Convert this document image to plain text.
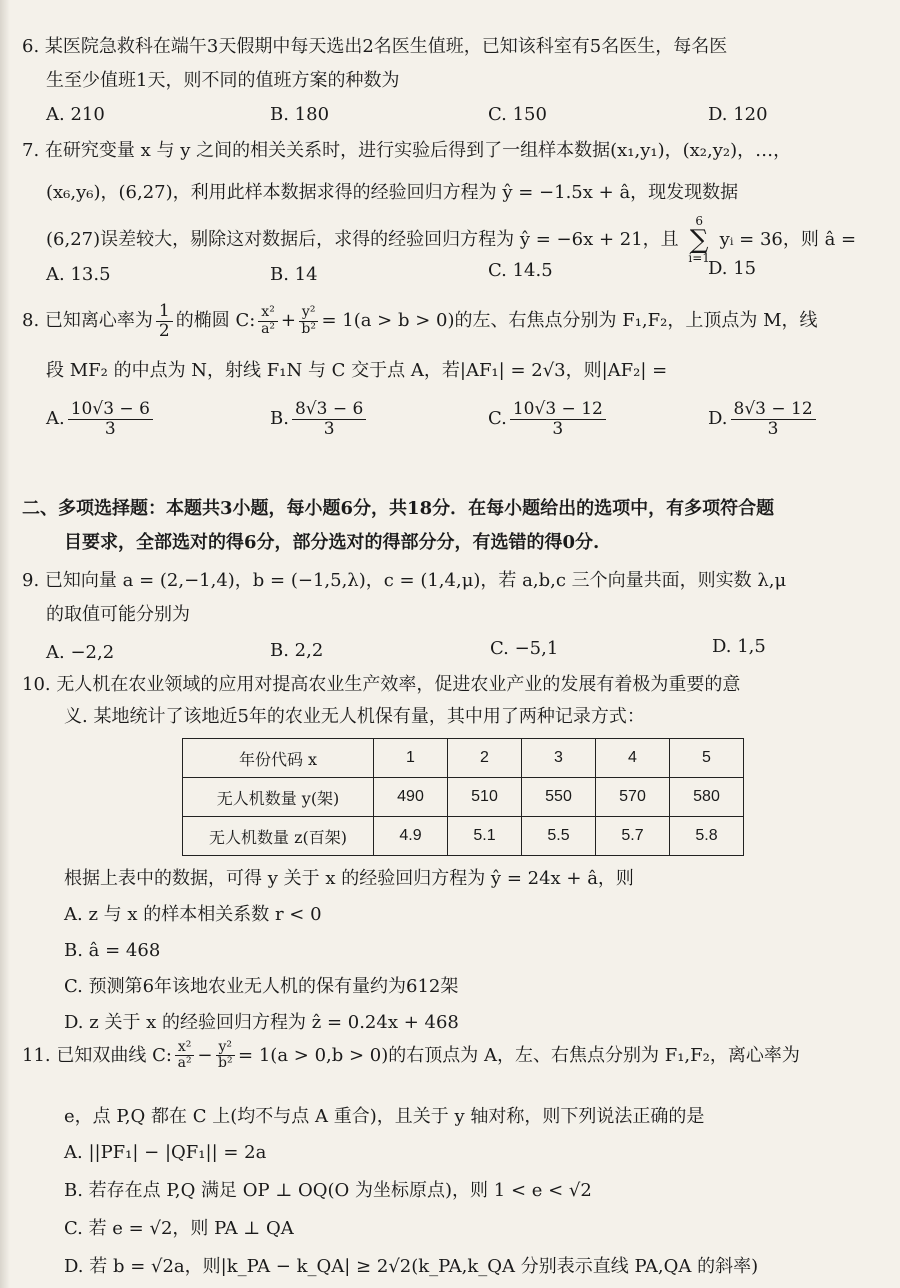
6. 某医院急救科在端午3天假期中每天选出2名医生值班，已知该科室有5名医生，每名医
生至少值班1天，则不同的值班方案的种数为
A. 210	B. 180	C. 150	D. 120
7. 在研究变量 x 与 y 之间的相关关系时，进行实验后得到了一组样本数据(x₁,y₁)，(x₂,y₂)，…，
(x₆,y₆)，(6,27)，利用此样本数据求得的经验回归方程为 ŷ = −1.5x + â，现发现数据
(6,27)误差较大，剔除这对数据后，求得的经验回归方程为 ŷ = −6x + 21，且 6
∑
i=1 yᵢ = 36，则 â =
A. 13.5	B. 14	C. 14.5	D. 15
8. 已知离心率为 $\frac{1}{2}$ 的椭圆 C: $\frac{\text{x²}}{\text{a²}} + \frac{\text{y²}}{\text{b²}} = 1(a > b > 0)$的左、右焦点分别为 F₁,F₂，上顶点为 M，线
段 MF₂ 的中点为 N，射线 F₁N 与 C 交于点 A，若|AF₁| = 2√3，则|AF₂| =
A. $\frac{10√3 - 6}{3}$	B. $\frac{8√3 - 6}{3}$	C. $\frac{10√3 - 12}{3}$	D. $\frac{8√3 - 12}{3}$
二、多项选择题：本题共3小题，每小题6分，共18分．在每小题给出的选项中，有多项符合题
目要求，全部选对的得6分，部分选对的得部分分，有选错的得0分.
9. 已知向量 a = (2,−1,4)，b = (−1,5,λ)，c = (1,4,μ)，若 a,b,c 三个向量共面，则实数 λ,μ
的取值可能分别为
A. −2,2	B. 2,2	C. −5,1	D. 1,5
10. 无人机在农业领域的应用对提高农业生产效率，促进农业产业的发展有着极为重要的意
义. 某地统计了该地近5年的农业无人机保有量，其中用了两种记录方式：
年份代码 x	1	2	3	4	5
无人机数量 y(架)	490	510	550	570	580
无人机数量 z(百架)	4.9	5.1	5.5	5.7	5.8
根据上表中的数据，可得 y 关于 x 的经验回归方程为 ŷ = 24x + â，则
A. z 与 x 的样本相关系数 r < 0
B. â = 468
C. 预测第6年该地农业无人机的保有量约为612架
D. z 关于 x 的经验回归方程为 ẑ = 0.24x + 468
11. 已知双曲线 C: $\frac{\text{x²}}{\text{a²}} - \frac{\text{y²}}{\text{b²}} = 1(a > 0,b > 0)$的右顶点为 A，左、右焦点分别为 F₁,F₂，离心率为
e，点 P,Q 都在 C 上(均不与点 A 重合)，且关于 y 轴对称，则下列说法正确的是
A. ||PF₁| − |QF₁|| = 2a
B. 若存在点 P,Q 满足 OP ⊥ OQ(O 为坐标原点)，则 1 < e < √2
C. 若 e = √2，则 PA ⊥ QA
D. 若 b = √2a，则|k_PA − k_QA| ≥ 2√2(k_PA,k_QA 分别表示直线 PA,QA 的斜率)
